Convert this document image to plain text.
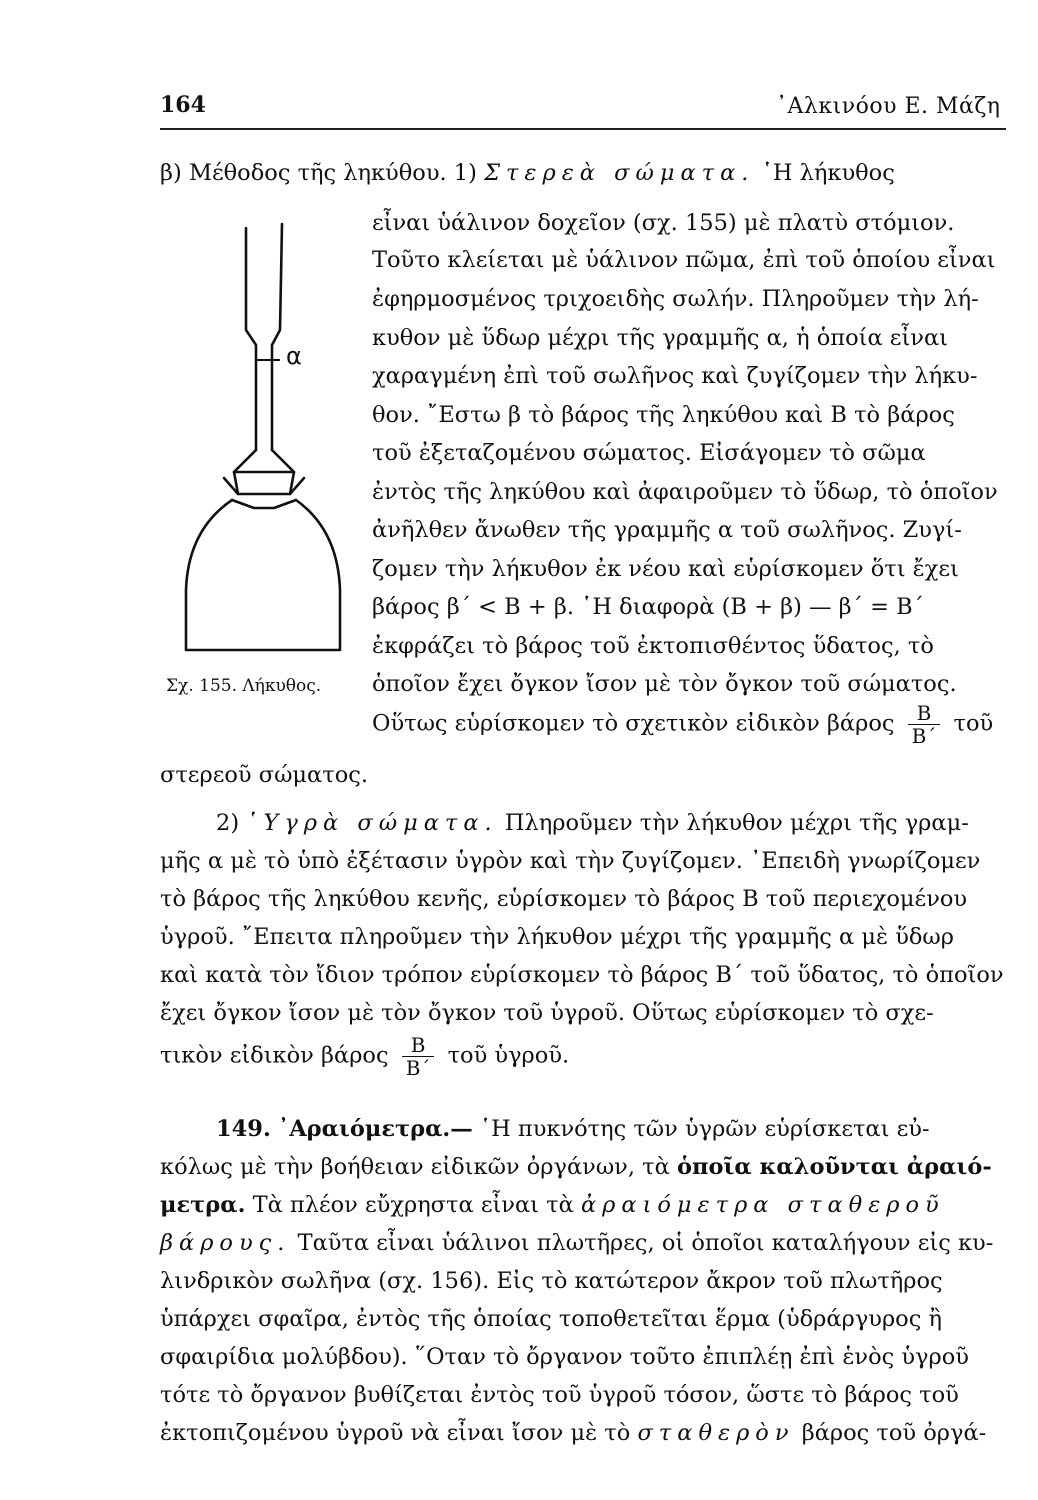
164	᾿Αλκινόου Ε. Μάζη
α
Σχ. 155. Λήκυθος.
β) Μέθοδος τῆς ληκύθου. 1) Στερεὰ σώματα. ῾Η λήκυθος
εἶναι ὑάλινον δοχεῖον (σχ. 155) μὲ πλατὺ στόμιον.
Τοῦτο κλείεται μὲ ὑάλινον πῶμα, ἐπὶ τοῦ ὁποίου εἶναι
ἐφηρμοσμένος τριχοειδὴς σωλήν. Πληροῦμεν τὴν λή-
κυθον μὲ ὕδωρ μέχρι τῆς γραμμῆς α, ἡ ὁποία εἶναι
χαραγμένη ἐπὶ τοῦ σωλῆνος καὶ ζυγίζομεν τὴν λήκυ-
θον. ῎Εστω β τὸ βάρος τῆς ληκύθου καὶ Β τὸ βάρος
τοῦ ἐξεταζομένου σώματος. Εἰσάγομεν τὸ σῶμα
ἐντὸς τῆς ληκύθου καὶ ἀφαιροῦμεν τὸ ὕδωρ, τὸ ὁποῖον
ἀνῆλθεν ἄνωθεν τῆς γραμμῆς α τοῦ σωλῆνος. Ζυγί-
ζομεν τὴν λήκυθον ἐκ νέου καὶ εὑρίσκομεν ὅτι ἔχει
βάρος β΄ < Β + β. ῾Η διαφορὰ (Β + β) — β΄ = Β΄
ἐκφράζει τὸ βάρος τοῦ ἐκτοπισθέντος ὕδατος, τὸ
ὁποῖον ἔχει ὄγκον ἴσον μὲ τὸν ὄγκον τοῦ σώματος.
Οὕτως εὑρίσκομεν τὸ σχετικὸν εἰδικὸν βάρος $\frac{B}{B΄}$ τοῦ
στερεοῦ σώματος.
2) ῾Υγρὰ σώματα. Πληροῦμεν τὴν λήκυθον μέχρι τῆς γραμ-
μῆς α μὲ τὸ ὑπὸ ἐξέτασιν ὑγρὸν καὶ τὴν ζυγίζομεν. ᾿Επειδὴ γνωρίζομεν
τὸ βάρος τῆς ληκύθου κενῆς, εὑρίσκομεν τὸ βάρος Β τοῦ περιεχομένου
ὑγροῦ. ῎Επειτα πληροῦμεν τὴν λήκυθον μέχρι τῆς γραμμῆς α μὲ ὕδωρ
καὶ κατὰ τὸν ἴδιον τρόπον εὑρίσκομεν τὸ βάρος Β΄ τοῦ ὕδατος, τὸ ὁποῖον
ἔχει ὄγκον ἴσον μὲ τὸν ὄγκον τοῦ ὑγροῦ. Οὕτως εὑρίσκομεν τὸ σχε-
τικὸν εἰδικὸν βάρος $\frac{B}{B΄}$ τοῦ ὑγροῦ.
149. ᾿Αραιόμετρα.— ῾Η πυκνότης τῶν ὑγρῶν εὑρίσκεται εὐ-
κόλως μὲ τὴν βοήθειαν εἰδικῶν ὀργάνων, τὰ ὁποῖα καλοῦνται ἀραιό-
μετρα. Τὰ πλέον εὔχρηστα εἶναι τὰ ἀραιόμετρα σταθεροῦ
βάρους. Ταῦτα εἶναι ὑάλινοι πλωτῆρες, οἱ ὁποῖοι καταλήγουν εἰς κυ-
λινδρικὸν σωλῆνα (σχ. 156). Εἰς τὸ κατώτερον ἄκρον τοῦ πλωτῆρος
ὑπάρχει σφαῖρα, ἐντὸς τῆς ὁποίας τοποθετεῖται ἕρμα (ὑδράργυρος ἢ
σφαιρίδια μολύβδου). ῞Οταν τὸ ὄργανον τοῦτο ἐπιπλέῃ ἐπὶ ἑνὸς ὑγροῦ
τότε τὸ ὄργανον βυθίζεται ἐντὸς τοῦ ὑγροῦ τόσον, ὥστε τὸ βάρος τοῦ
ἐκτοπιζομένου ὑγροῦ νὰ εἶναι ἴσον μὲ τὸ σταθερὸν βάρος τοῦ ὀργά-
